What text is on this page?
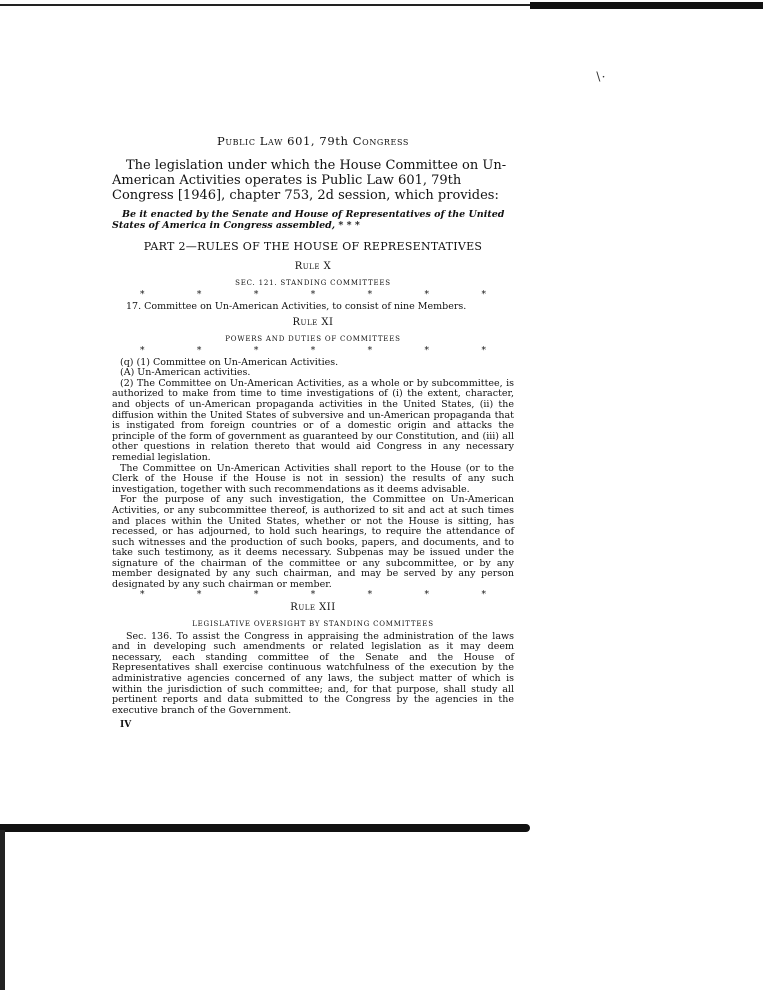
∖·

Public Law 601, 79th Congress

The legislation under which the House Committee on Un-American Activities operates is Public Law 601, 79th Congress [1946], chapter 753, 2d session, which provides:

Be it enacted by the Senate and House of Representatives of the United States of America in Congress assembled, * * *

PART 2—RULES OF THE HOUSE OF REPRESENTATIVES

Rule X

SEC. 121. STANDING COMMITTEES

*	*	*	*	*	*	*

17. Committee on Un-American Activities, to consist of nine Members.

Rule XI

POWERS AND DUTIES OF COMMITTEES

*	*	*	*	*	*	*

(q) (1) Committee on Un-American Activities.

(A) Un-American activities.

(2) The Committee on Un-American Activities, as a whole or by subcommittee, is authorized to make from time to time investigations of (i) the extent, character, and objects of un-American propaganda activities in the United States, (ii) the diffusion within the United States of subversive and un-American propaganda that is instigated from foreign countries or of a domestic origin and attacks the principle of the form of government as guaranteed by our Constitution, and (iii) all other questions in relation thereto that would aid Congress in any necessary remedial legislation.

The Committee on Un-American Activities shall report to the House (or to the Clerk of the House if the House is not in session) the results of any such investigation, together with such recommendations as it deems advisable.

For the purpose of any such investigation, the Committee on Un-American Activities, or any subcommittee thereof, is authorized to sit and act at such times and places within the United States, whether or not the House is sitting, has recessed, or has adjourned, to hold such hearings, to require the attendance of such witnesses and the production of such books, papers, and documents, and to take such testimony, as it deems necessary. Subpenas may be issued under the signature of the chairman of the committee or any subcommittee, or by any member designated by any such chairman, and may be served by any person designated by any such chairman or member.

*	*	*	*	*	*	*

Rule XII

LEGISLATIVE OVERSIGHT BY STANDING COMMITTEES

Sec. 136. To assist the Congress in appraising the administration of the laws and in developing such amendments or related legislation as it may deem necessary, each standing committee of the Senate and the House of Representatives shall exercise continuous watchfulness of the execution by the administrative agencies concerned of any laws, the subject matter of which is within the jurisdiction of such committee; and, for that purpose, shall study all pertinent reports and data submitted to the Congress by the agencies in the executive branch of the Government.

IV
